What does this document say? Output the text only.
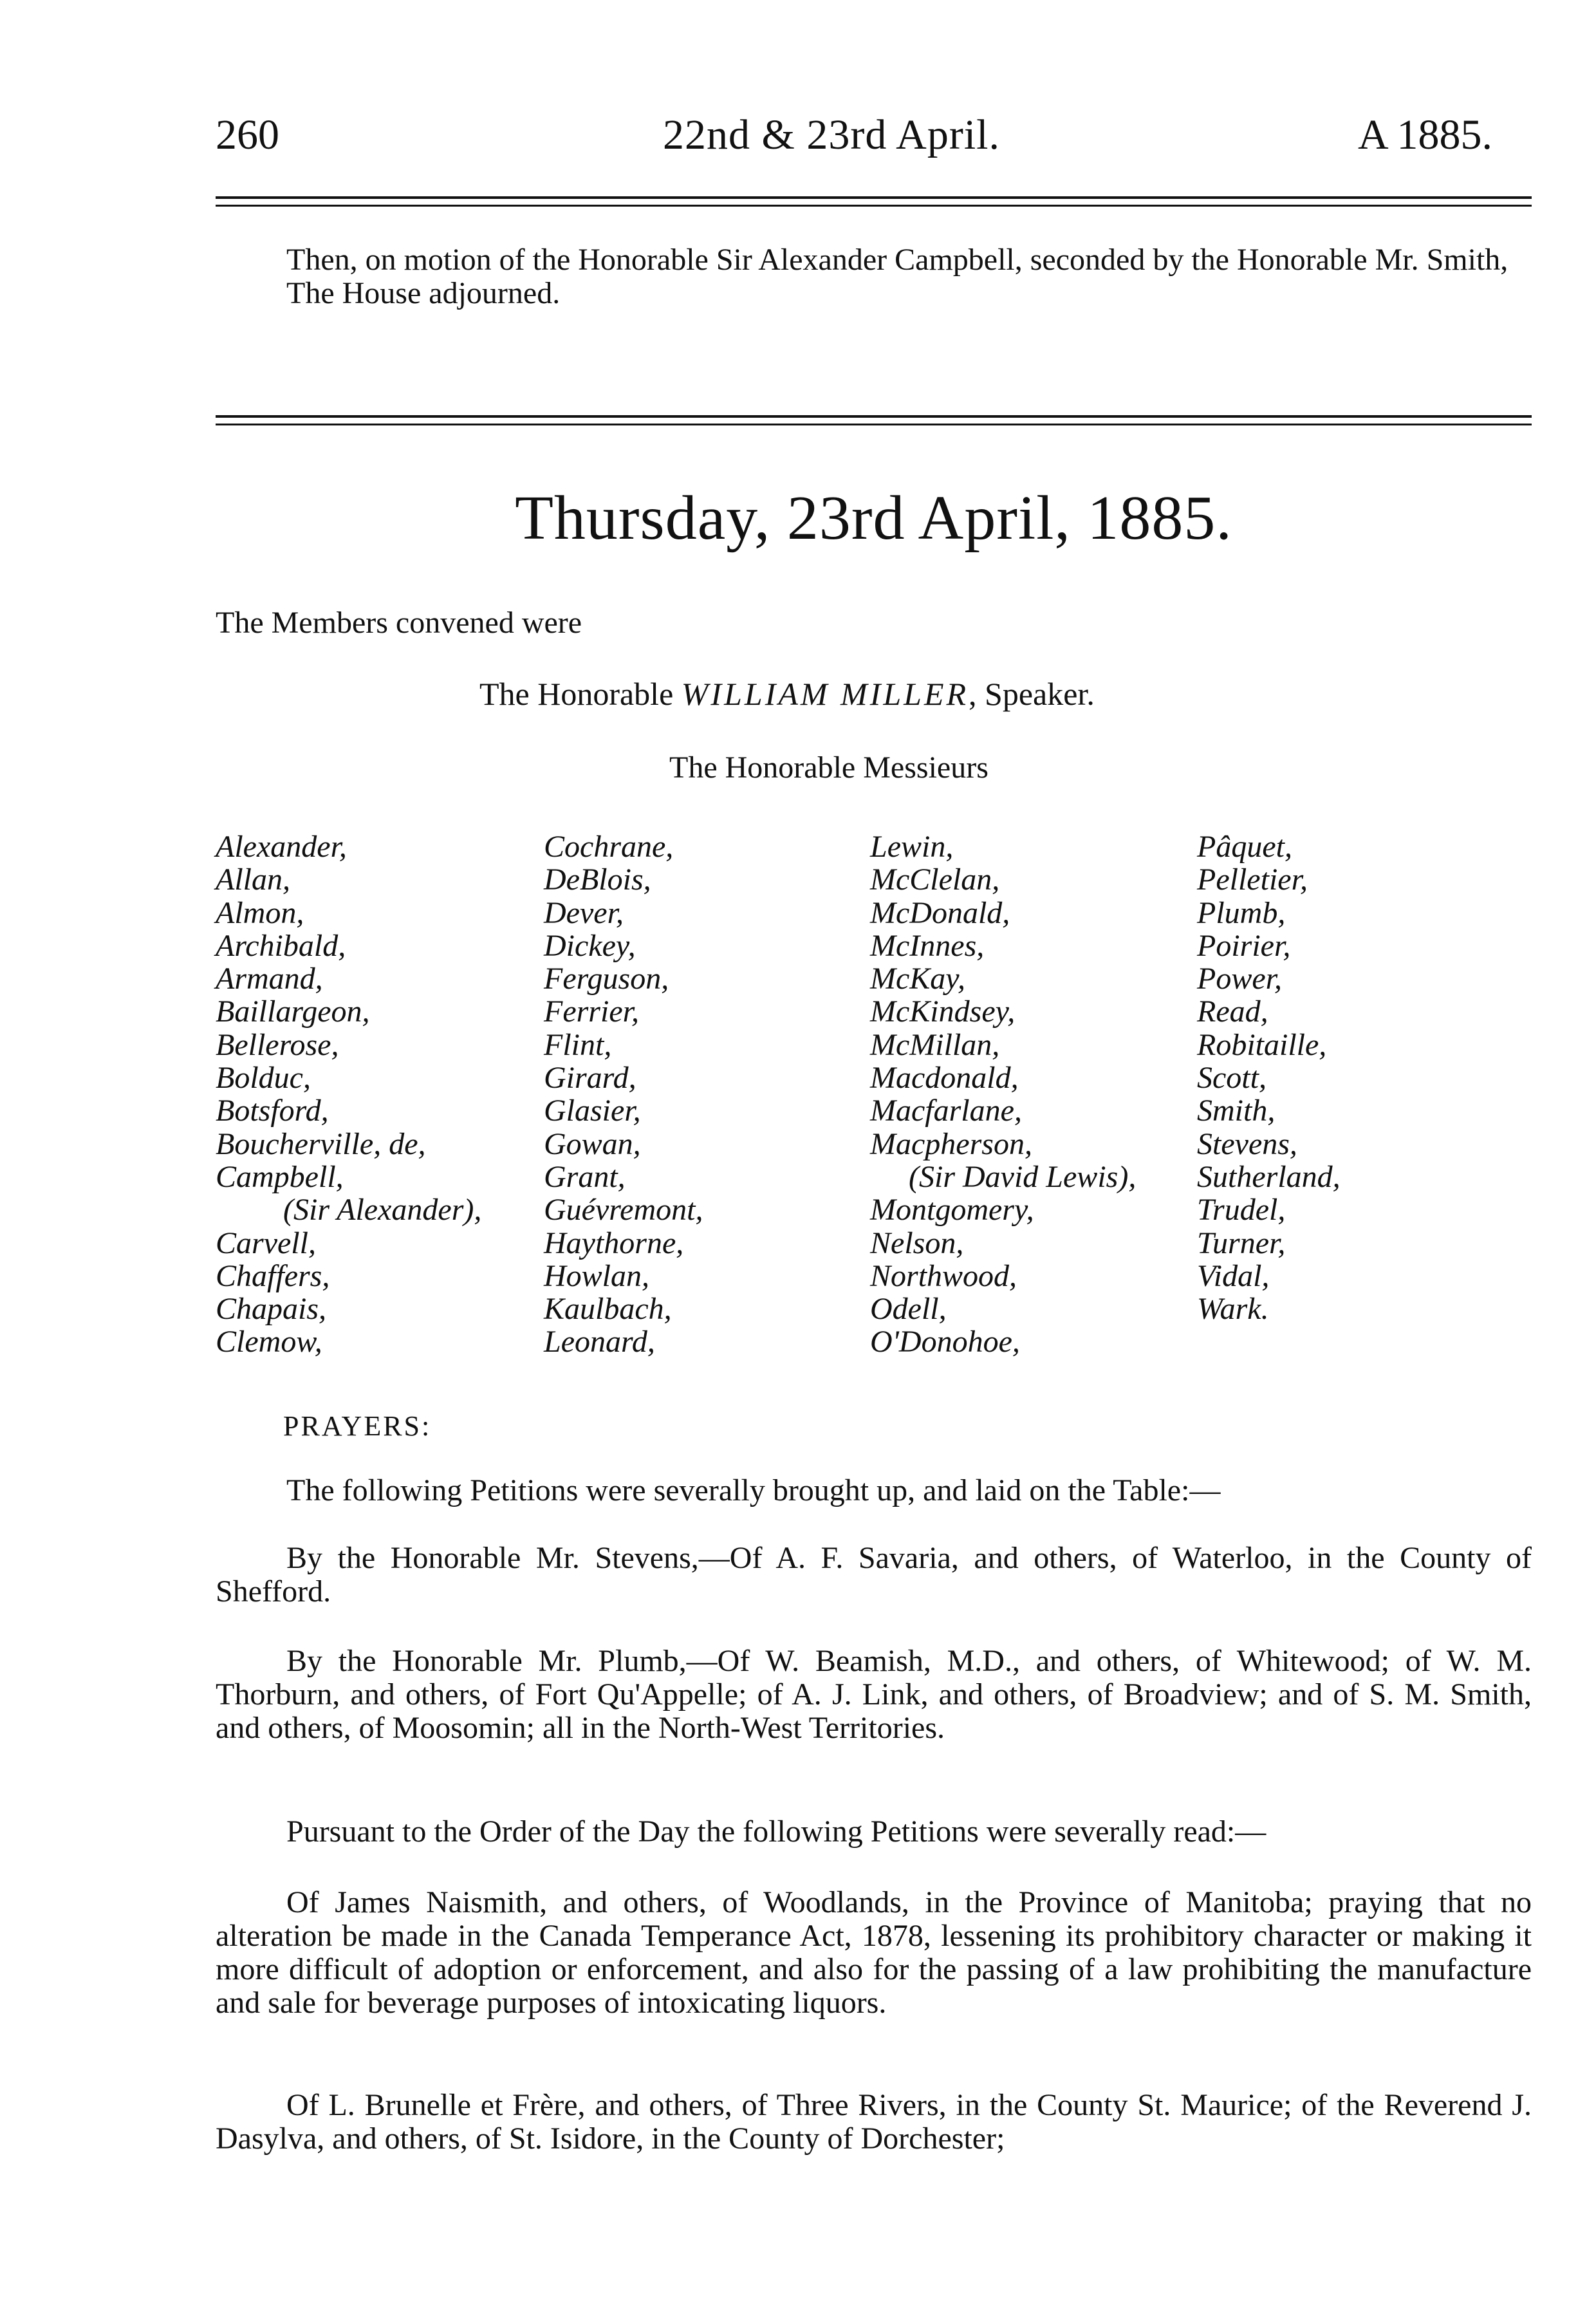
260	22nd & 23rd April.	A 1885.

Then, on motion of the Honorable Sir Alexander Campbell, seconded by the Honorable Mr. Smith,

The House adjourned.

Thursday, 23rd April, 1885.
The Members convened were
The Honorable WILLIAM MILLER, Speaker.
The Honorable Messieurs
Alexander,
Allan,
Almon,
Archibald,
Armand,
Baillargeon,
Bellerose,
Bolduc,
Botsford,
Boucherville, de,
Campbell,
(Sir Alexander),
Carvell,
Chaffers,
Chapais,
Clemow,
Cochrane,
DeBlois,
Dever,
Dickey,
Ferguson,
Ferrier,
Flint,
Girard,
Glasier,
Gowan,
Grant,
Guévremont,
Haythorne,
Howlan,
Kaulbach,
Leonard,
Lewin,
McClelan,
McDonald,
McInnes,
McKay,
McKindsey,
McMillan,
Macdonald,
Macfarlane,
Macpherson,
(Sir David Lewis),
Montgomery,
Nelson,
Northwood,
Odell,
O'Donohoe,
Pâquet,
Pelletier,
Plumb,
Poirier,
Power,
Read,
Robitaille,
Scott,
Smith,
Stevens,
Sutherland,
Trudel,
Turner,
Vidal,
Wark.
PRAYERS:

The following Petitions were severally brought up, and laid on the Table:—

By the Honorable Mr. Stevens,—Of A. F. Savaria, and others, of Waterloo, in the County of Shefford.

By the Honorable Mr. Plumb,—Of W. Beamish, M.D., and others, of Whitewood; of W. M. Thorburn, and others, of Fort Qu'Appelle; of A. J. Link, and others, of Broadview; and of S. M. Smith, and others, of Moosomin; all in the North-West Territories.

Pursuant to the Order of the Day the following Petitions were severally read:—

Of James Naismith, and others, of Woodlands, in the Province of Manitoba; praying that no alteration be made in the Canada Temperance Act, 1878, lessening its prohibitory character or making it more difficult of adoption or enforcement, and also for the passing of a law prohibiting the manufacture and sale for beverage purposes of intoxicating liquors.

Of L. Brunelle et Frère, and others, of Three Rivers, in the County St. Maurice; of the Reverend J. Dasylva, and others, of St. Isidore, in the County of Dorchester;
